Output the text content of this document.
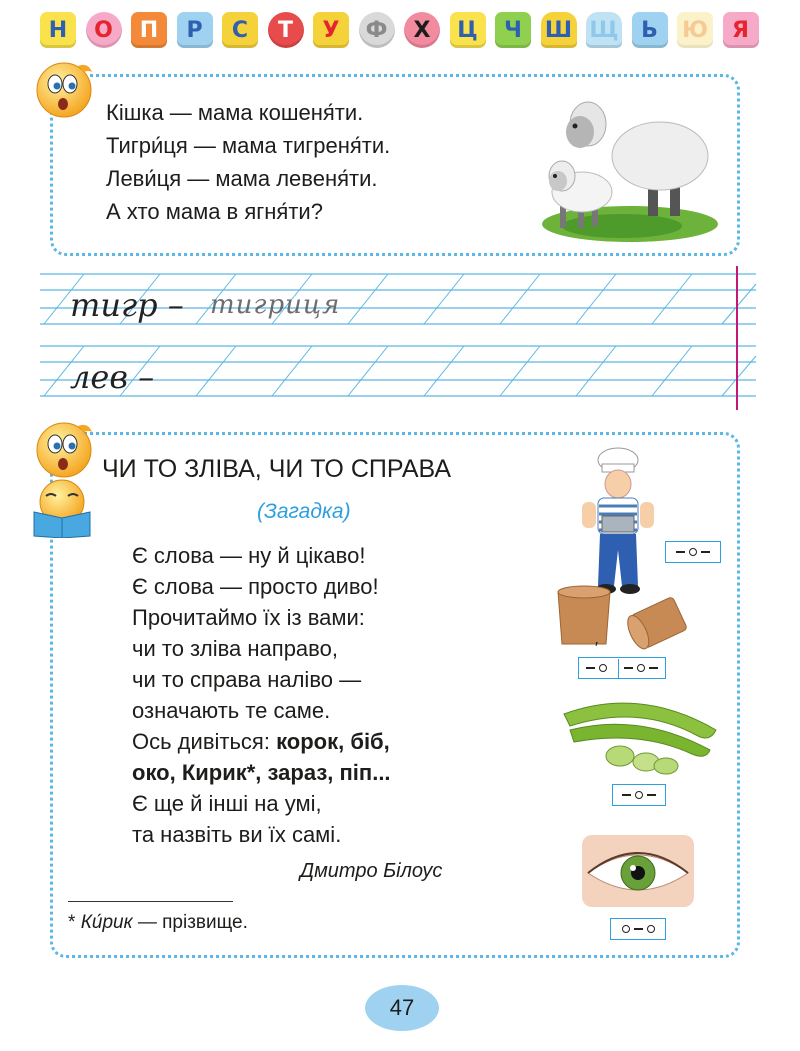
Н	О	П	Р	С	Т	У	Ф	Х	Ц	Ч	Ш Щ	Ь	Ю	Я
Кішка — мама кошеня́ти.
Тигри́ця — мама тигреня́ти.
Леви́ця — мама левеня́ти.
А хто мама в ягня́ти?
тигр – тигриця
лев –
ЧИ ТО ЗЛІВА, ЧИ ТО СПРАВА
(Загадка)
Є слова — ну й цікаво!
Є слова — просто диво!
Прочитаймо їх із вами:
чи то зліва направо,
чи то справа наліво —
означають те саме.
Ось дивіться: корок, біб,
око, Кирик*, зараз, піп...
Є ще й інші на умі,
та назвіть ви їх самі.
Дмитро Білоус
* Ки́рик — прізвище.
′
47
